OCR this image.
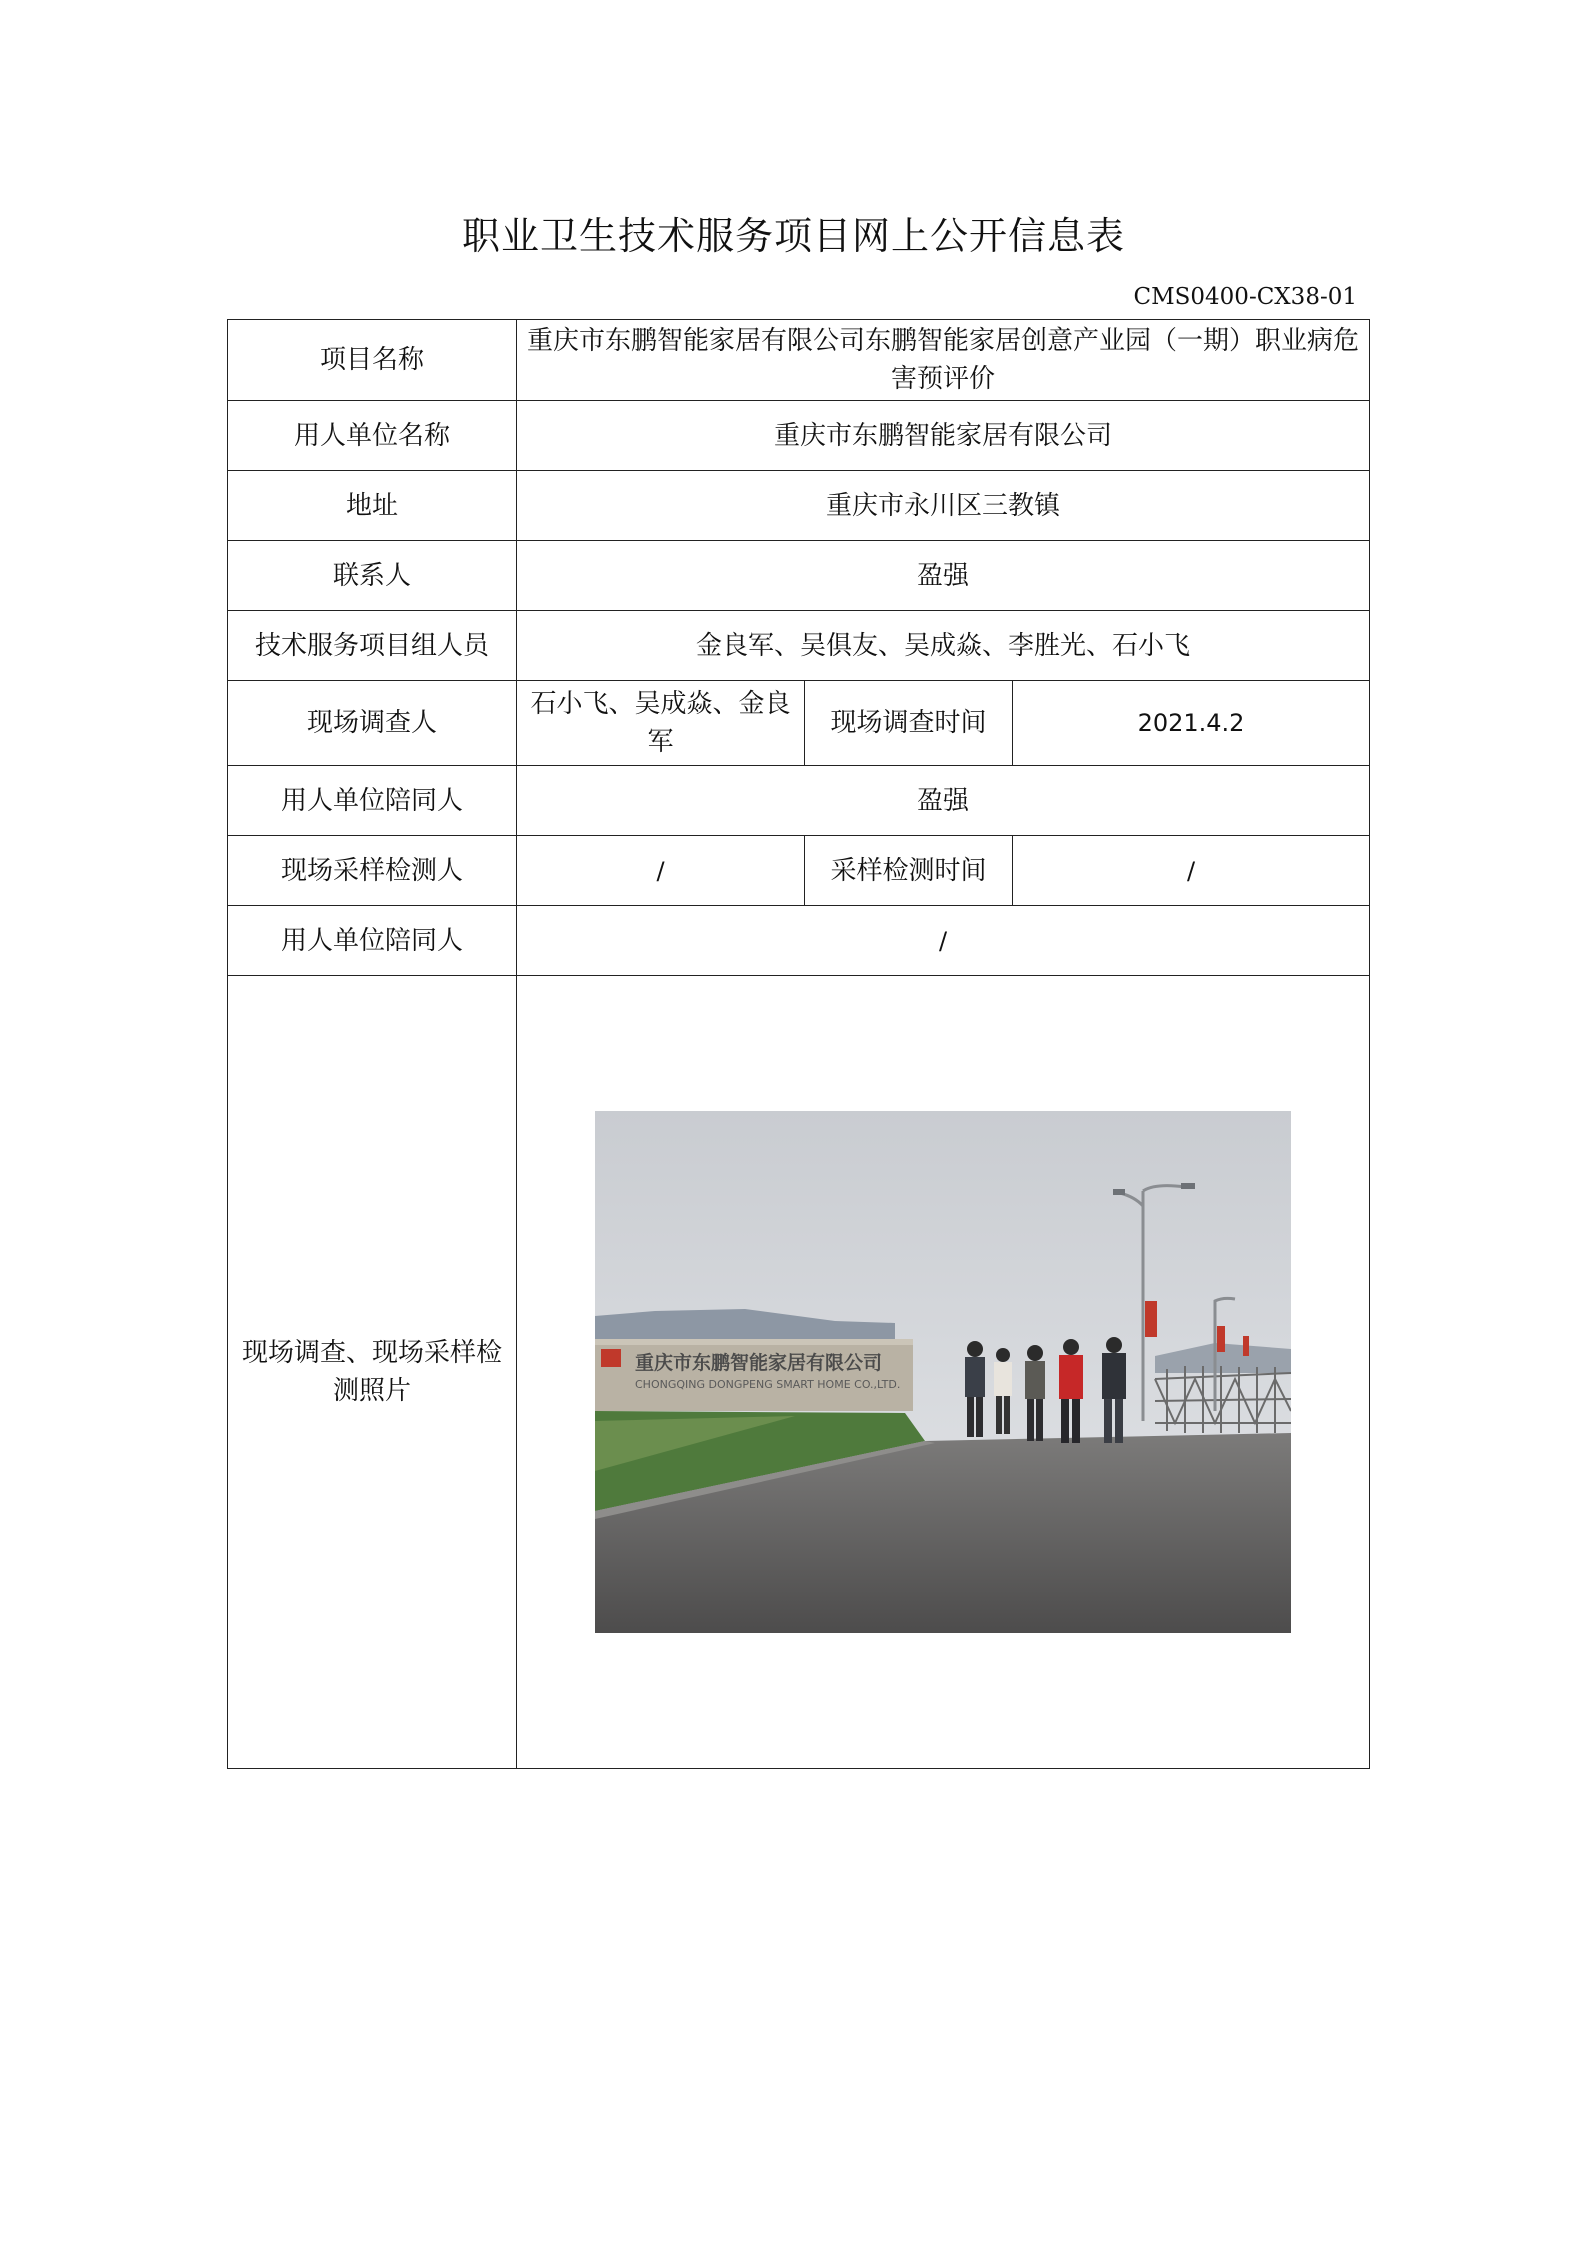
职业卫生技术服务项目网上公开信息表
CMS0400-CX38-01
项目名称	重庆市东鹏智能家居有限公司东鹏智能家居创意产业园（一期）职业病危害预评价		
用人单位名称	重庆市东鹏智能家居有限公司		
地址	重庆市永川区三教镇		
联系人	盈强		
技术服务项目组人员	金良军、吴俱友、吴成焱、李胜光、石小飞		
现场调查人	石小飞、吴成焱、金良军	现场调查时间	2021.4.2
用人单位陪同人	盈强		
现场采样检测人	/	采样检测时间	/
用人单位陪同人	/		
现场调查、现场采样检测照片	重庆市东鹏智能家居有限公司
CHONGQING DONGPENG SMART HOME CO.,LTD.		
